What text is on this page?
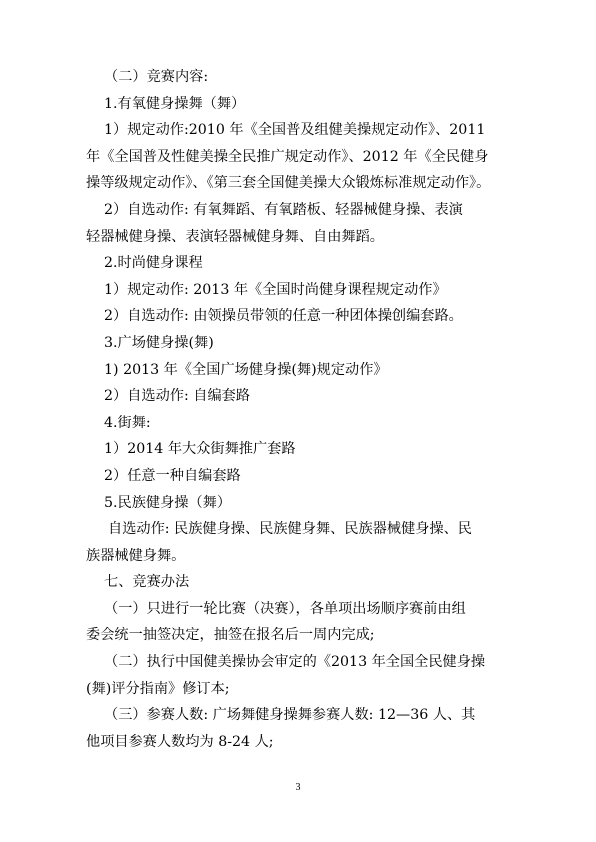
（二）竞赛内容:
1.有氧健身操舞（舞）
1）规定动作:2010 年《全国普及组健美操规定动作》、2011
年《全国普及性健美操全民推广规定动作》、2012 年《全民健身
操等级规定动作》、《第三套全国健美操大众锻炼标准规定动作》。
2）自选动作: 有氧舞蹈、有氧踏板、轻器械健身操、表演
轻器械健身操、表演轻器械健身舞、自由舞蹈。
2.时尚健身课程
1）规定动作: 2013 年《全国时尚健身课程规定动作》
2）自选动作: 由领操员带领的任意一种团体操创编套路。
3.广场健身操(舞)
1) 2013 年《全国广场健身操(舞)规定动作》
2）自选动作: 自编套路
4.街舞:
1）2014 年大众街舞推广套路
2）任意一种自编套路
5.民族健身操（舞）
自选动作: 民族健身操、民族健身舞、民族器械健身操、民
族器械健身舞。
七、竞赛办法
（一）只进行一轮比赛（决赛），各单项出场顺序赛前由组
委会统一抽签决定，抽签在报名后一周内完成;
（二）执行中国健美操协会审定的《2013 年全国全民健身操
(舞)评分指南》修订本;
（三）参赛人数: 广场舞健身操舞参赛人数: 12—36 人、其
他项目参赛人数均为 8-24 人;
3
